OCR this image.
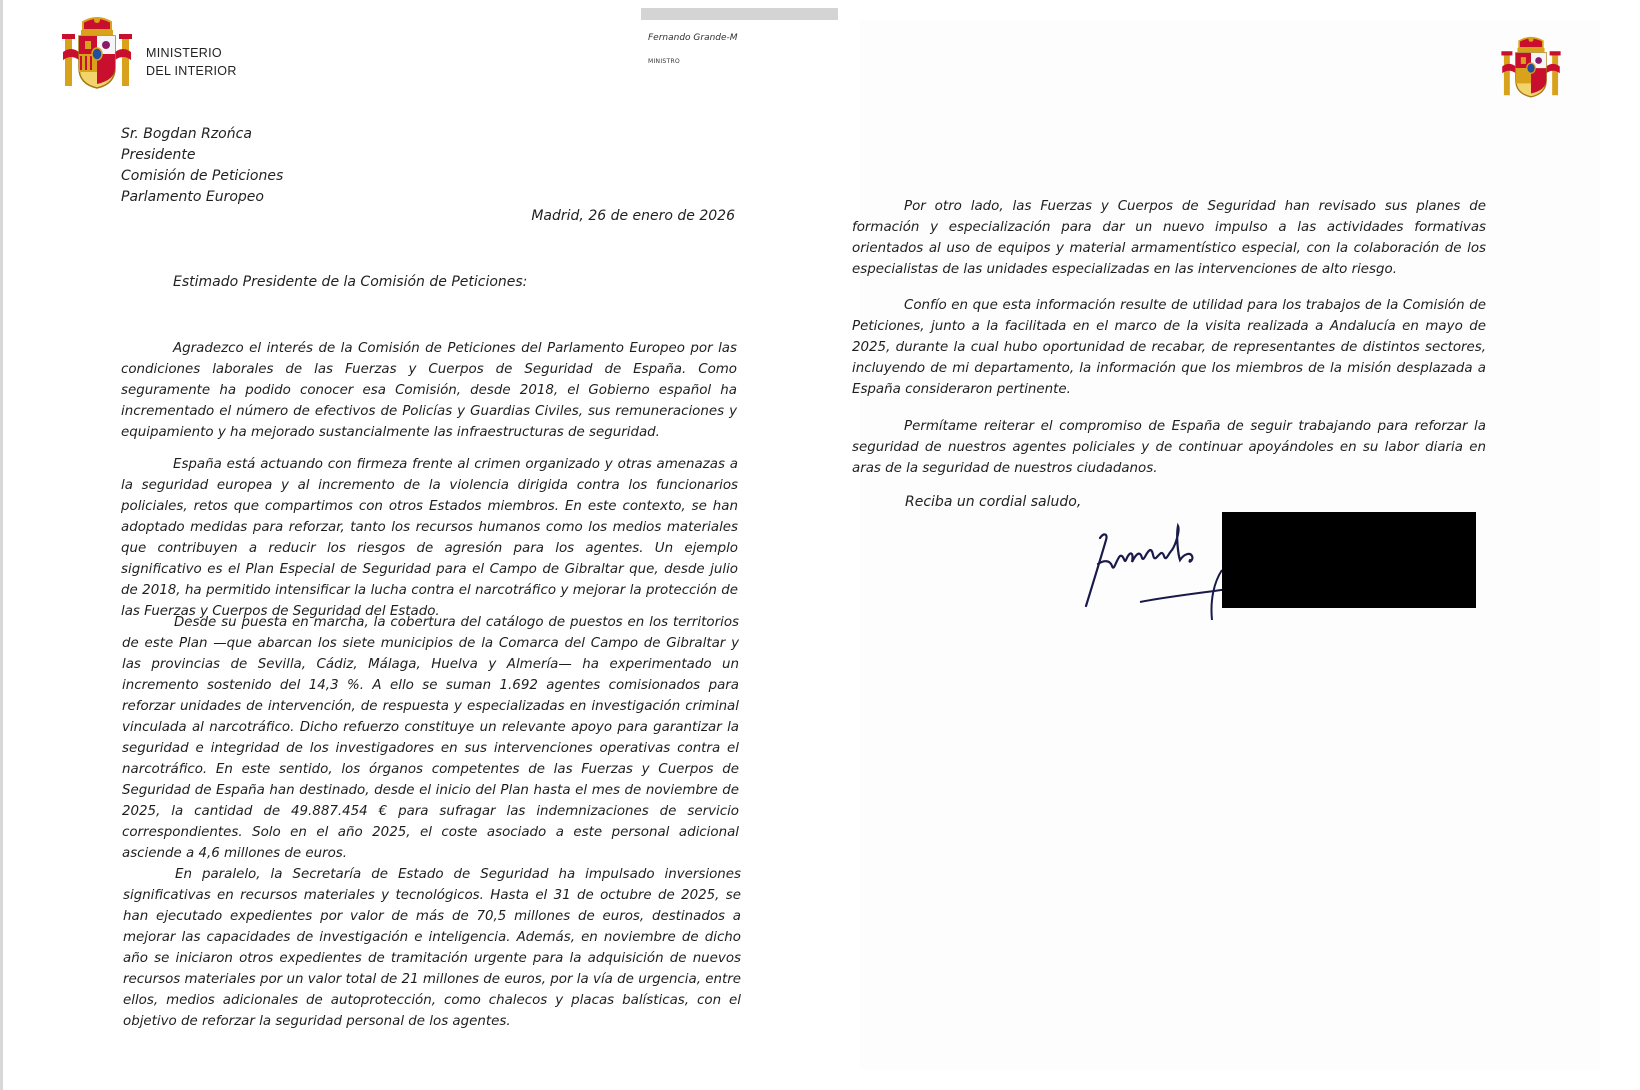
MINISTERIO
DEL INTERIOR
Fernando Grande-M
MINISTRO
Sr. Bogdan Rzońca
Presidente
Comisión de Peticiones
Parlamento Europeo
Madrid, 26 de enero de 2026
Estimado Presidente de la Comisión de Peticiones:

Agradezco el interés de la Comisión de Peticiones del Parlamento Europeo por las condiciones laborales de las Fuerzas y Cuerpos de Seguridad de España. Como seguramente ha podido conocer esa Comisión, desde 2018, el Gobierno español ha incrementado el número de efectivos de Policías y Guardias Civiles, sus remuneraciones y equipamiento y ha mejorado sustancialmente las infraestructuras de seguridad.

España está actuando con firmeza frente al crimen organizado y otras amenazas a la seguridad europea y al incremento de la violencia dirigida contra los funcionarios policiales, retos que compartimos con otros Estados miembros. En este contexto, se han adoptado medidas para reforzar, tanto los recursos humanos como los medios materiales que contribuyen a reducir los riesgos de agresión para los agentes. Un ejemplo significativo es el Plan Especial de Seguridad para el Campo de Gibraltar que, desde julio de 2018, ha permitido intensificar la lucha contra el narcotráfico y mejorar la protección de las Fuerzas y Cuerpos de Seguridad del Estado.

Desde su puesta en marcha, la cobertura del catálogo de puestos en los territorios de este Plan —que abarcan los siete municipios de la Comarca del Campo de Gibraltar y las provincias de Sevilla, Cádiz, Málaga, Huelva y Almería— ha experimentado un incremento sostenido del 14,3 %. A ello se suman 1.692 agentes comisionados para reforzar unidades de intervención, de respuesta y especializadas en investigación criminal vinculada al narcotráfico. Dicho refuerzo constituye un relevante apoyo para garantizar la seguridad e integridad de los investigadores en sus intervenciones operativas contra el narcotráfico. En este sentido, los órganos competentes de las Fuerzas y Cuerpos de Seguridad de España han destinado, desde el inicio del Plan hasta el mes de noviembre de 2025, la cantidad de 49.887.454 € para sufragar las indemnizaciones de servicio correspondientes. Solo en el año 2025, el coste asociado a este personal adicional asciende a 4,6 millones de euros.

En paralelo, la Secretaría de Estado de Seguridad ha impulsado inversiones significativas en recursos materiales y tecnológicos. Hasta el 31 de octubre de 2025, se han ejecutado expedientes por valor de más de 70,5 millones de euros, destinados a mejorar las capacidades de investigación e inteligencia. Además, en noviembre de dicho año se iniciaron otros expedientes de tramitación urgente para la adquisición de nuevos recursos materiales por un valor total de 21 millones de euros, por la vía de urgencia, entre ellos, medios adicionales de autoprotección, como chalecos y placas balísticas, con el objetivo de reforzar la seguridad personal de los agentes.

Por otro lado, las Fuerzas y Cuerpos de Seguridad han revisado sus planes de formación y especialización para dar un nuevo impulso a las actividades formativas orientados al uso de equipos y material armamentístico especial, con la colaboración de los especialistas de las unidades especializadas en las intervenciones de alto riesgo.

Confío en que esta información resulte de utilidad para los trabajos de la Comisión de Peticiones, junto a la facilitada en el marco de la visita realizada a Andalucía en mayo de 2025, durante la cual hubo oportunidad de recabar, de representantes de distintos sectores, incluyendo de mi departamento, la información que los miembros de la misión desplazada a España consideraron pertinente.

Permítame reiterar el compromiso de España de seguir trabajando para reforzar la seguridad de nuestros agentes policiales y de continuar apoyándoles en su labor diaria en aras de la seguridad de nuestros ciudadanos.

Reciba un cordial saludo,
